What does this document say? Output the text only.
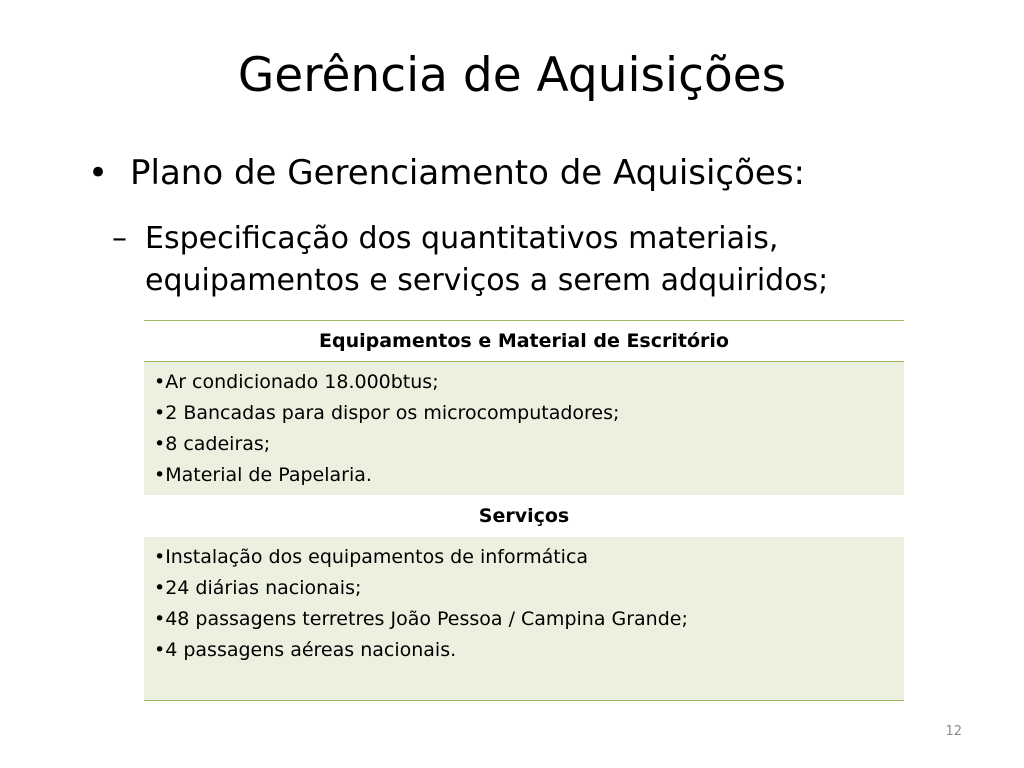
Gerência de Aquisições
• Plano de Gerenciamento de Aquisições:
– Especificação dos quantitativos materiais, equipamentos e serviços a serem adquiridos;
Equipamentos e Material de Escritório
•Ar condicionado 18.000btus;
•2 Bancadas para dispor os microcomputadores;
•8 cadeiras;
•Material de Papelaria.
Serviços
•Instalação dos equipamentos de informática
•24 diárias nacionais;
•48 passagens terretres João Pessoa / Campina Grande;
•4 passagens aéreas nacionais.
12
